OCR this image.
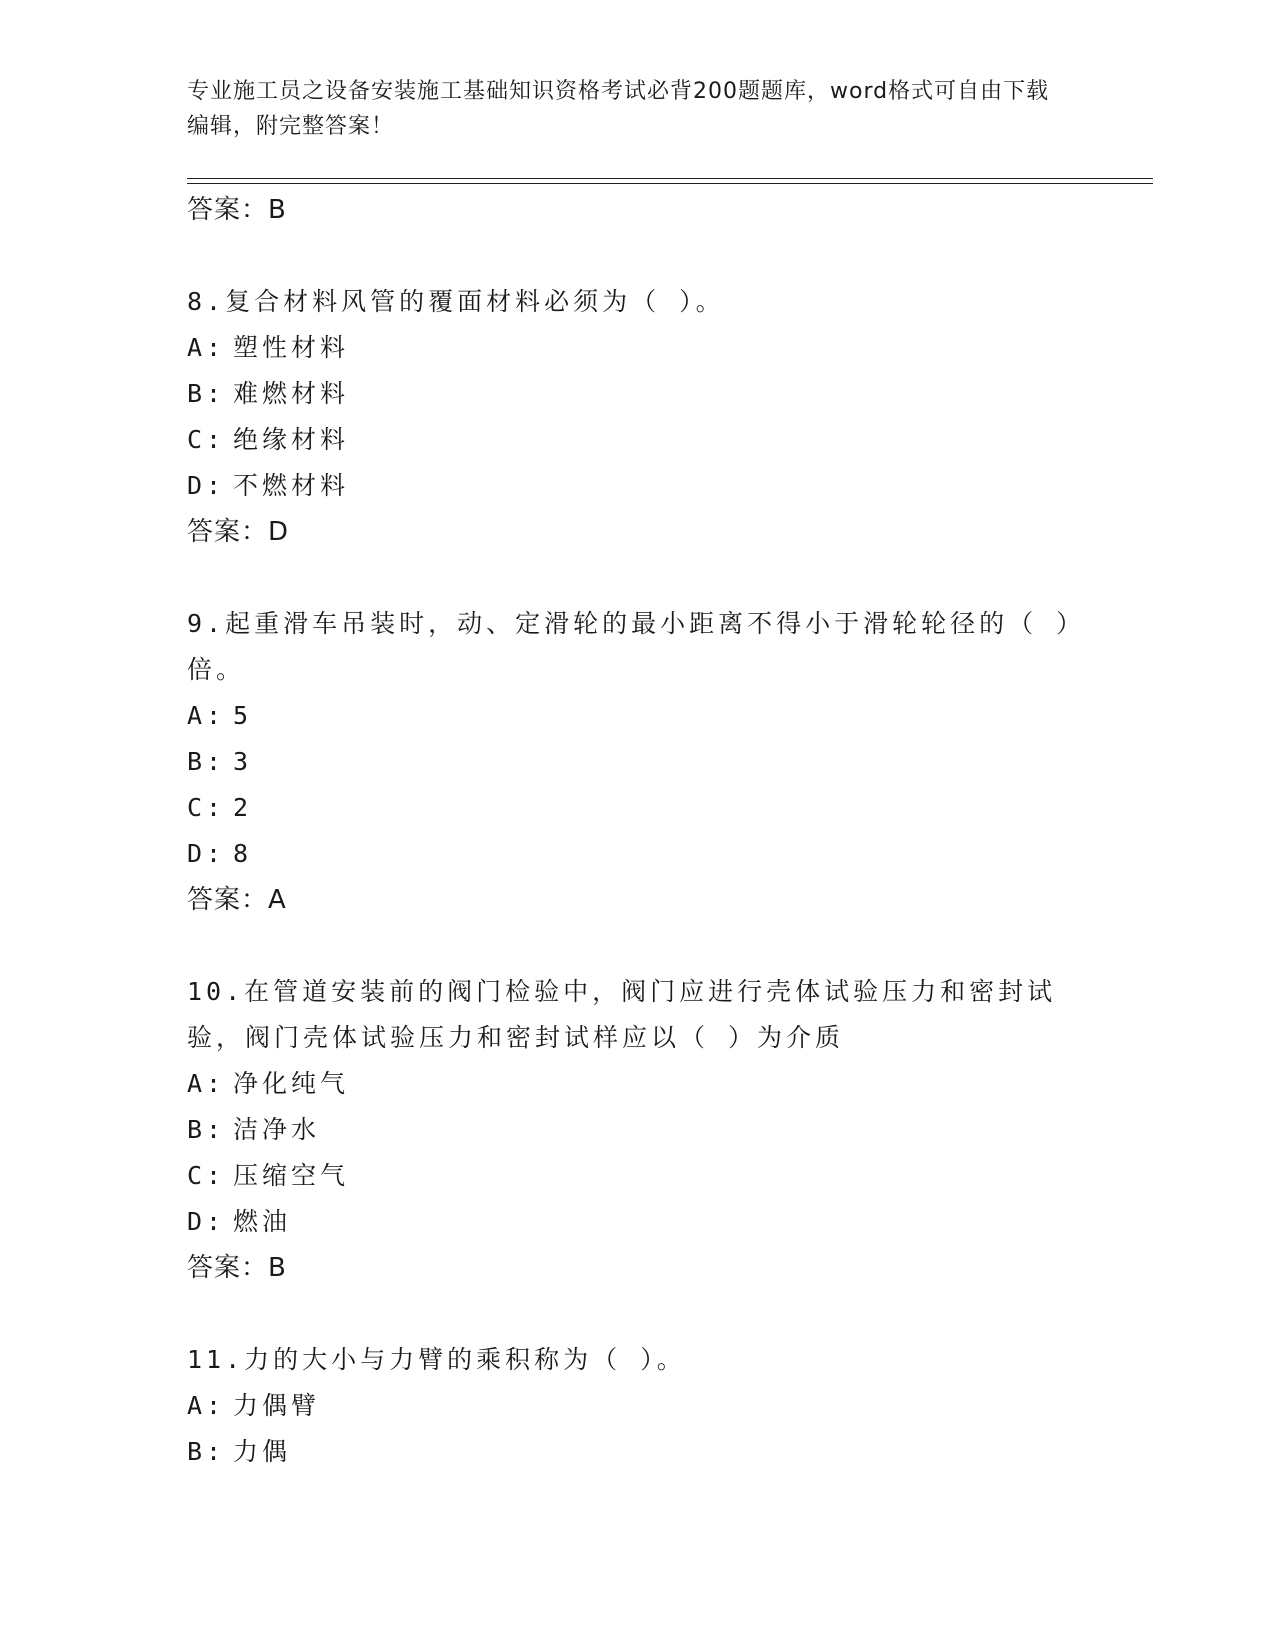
专业施工员之设备安装施工基础知识资格考试必背200题题库，word格式可自由下载编辑，附完整答案！
答案：B
8.复合材料风管的覆面材料必须为（ ）。
A: 塑性材料
B: 难燃材料
C: 绝缘材料
D: 不燃材料
答案：D
9.起重滑车吊装时，动、定滑轮的最小距离不得小于滑轮轮径的（ ）倍。
A: 5
B: 3
C: 2
D: 8
答案：A
10.在管道安装前的阀门检验中，阀门应进行壳体试验压力和密封试验，阀门壳体试验压力和密封试样应以（ ）为介质
A: 净化纯气
B: 洁净水
C: 压缩空气
D: 燃油
答案：B
11.力的大小与力臂的乘积称为（ ）。
A: 力偶臂
B: 力偶
